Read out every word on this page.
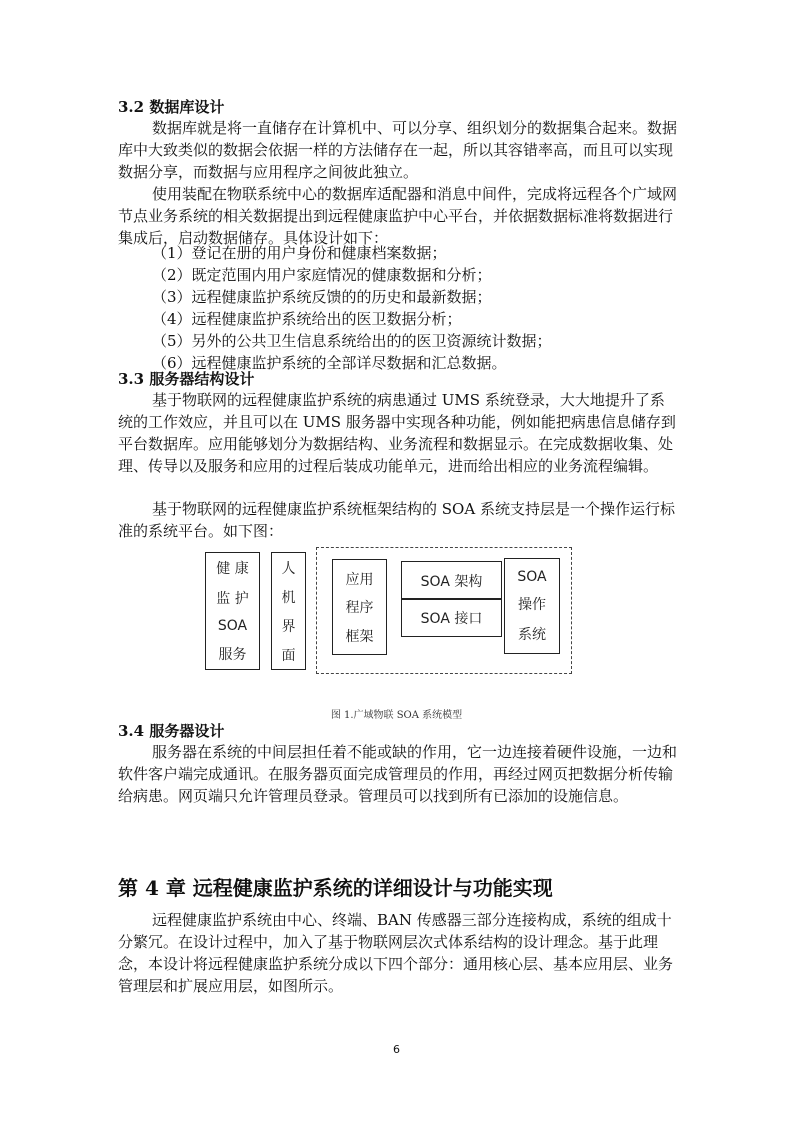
3.2 数据库设计

数据库就是将一直储存在计算机中、可以分享、组织划分的数据集合起来。数据库中大致类似的数据会依据一样的方法储存在一起，所以其容错率高，而且可以实现数据分享，而数据与应用程序之间彼此独立。

使用装配在物联系统中心的数据库适配器和消息中间件，完成将远程各个广域网节点业务系统的相关数据提出到远程健康监护中心平台，并依据数据标准将数据进行集成后，启动数据储存。具体设计如下：

（1）登记在册的用户身份和健康档案数据；

（2）既定范围内用户家庭情况的健康数据和分析；

（3）远程健康监护系统反馈的的历史和最新数据；

（4）远程健康监护系统给出的医卫数据分析；

（5）另外的公共卫生信息系统给出的的医卫资源统计数据；

（6）远程健康监护系统的全部详尽数据和汇总数据。

3.3 服务器结构设计

基于物联网的远程健康监护系统的病患通过 UMS 系统登录，大大地提升了系统的工作效应，并且可以在 UMS 服务器中实现各种功能，例如能把病患信息储存到平台数据库。应用能够划分为数据结构、业务流程和数据显示。在完成数据收集、处理、传导以及服务和应用的过程后装成功能单元，进而给出相应的业务流程编辑。

基于物联网的远程健康监护系统框架结构的 SOA 系统支持层是一个操作运行标准的系统平台。如下图：

健 康
监 护
SOA
服务
人
机
界
面
应用
程序
框架
SOA 架构
SOA 接口
SOA
操作
系统
图 1.广域物联 SOA 系统模型

3.4 服务器设计

服务器在系统的中间层担任着不能或缺的作用，它一边连接着硬件设施，一边和软件客户端完成通讯。在服务器页面完成管理员的作用，再经过网页把数据分析传输给病患。网页端只允许管理员登录。管理员可以找到所有已添加的设施信息。

第 4 章 远程健康监护系统的详细设计与功能实现

远程健康监护系统由中心、终端、BAN 传感器三部分连接构成，系统的组成十分繁冗。在设计过程中，加入了基于物联网层次式体系结构的设计理念。基于此理念，本设计将远程健康监护系统分成以下四个部分：通用核心层、基本应用层、业务管理层和扩展应用层，如图所示。

6
